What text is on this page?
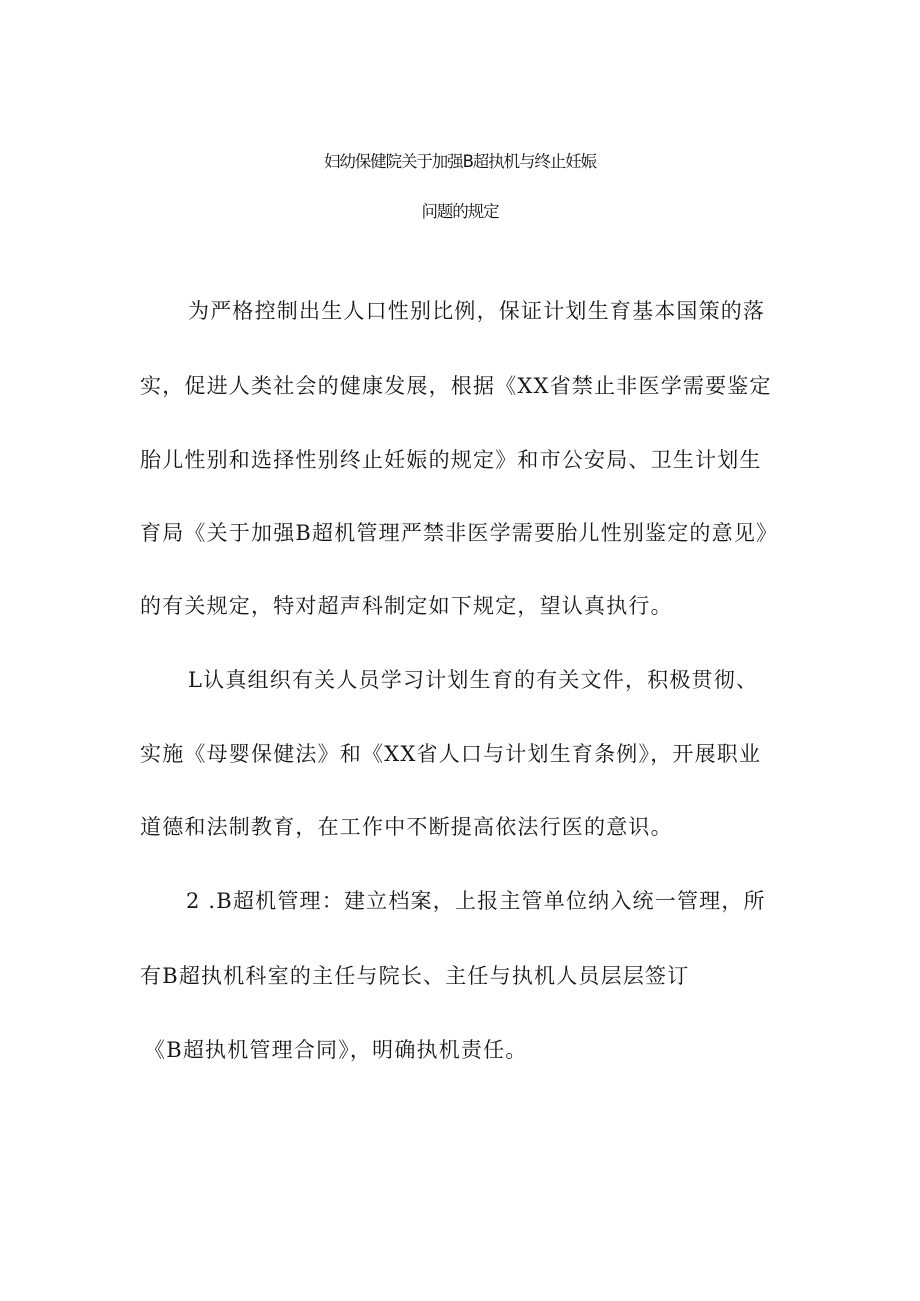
妇幼保健院关于加强B超执机与终止妊娠
问题的规定
为严格控制出生人口性别比例，保证计划生育基本国策的落
实，促进人类社会的健康发展，根据《XX省禁止非医学需要鉴定
胎儿性别和选择性别终止妊娠的规定》和市公安局、卫生计划生
育局《关于加强B超机管理严禁非医学需要胎儿性别鉴定的意见》
的有关规定，特对超声科制定如下规定，望认真执行。
L认真组织有关人员学习计划生育的有关文件，积极贯彻、
实施《母婴保健法》和《XX省人口与计划生育条例》，开展职业
道德和法制教育，在工作中不断提高依法行医的意识。
2 .B超机管理：建立档案，上报主管单位纳入统一管理，所
有B超执机科室的主任与院长、主任与执机人员层层签订
《B超执机管理合同》，明确执机责任。
